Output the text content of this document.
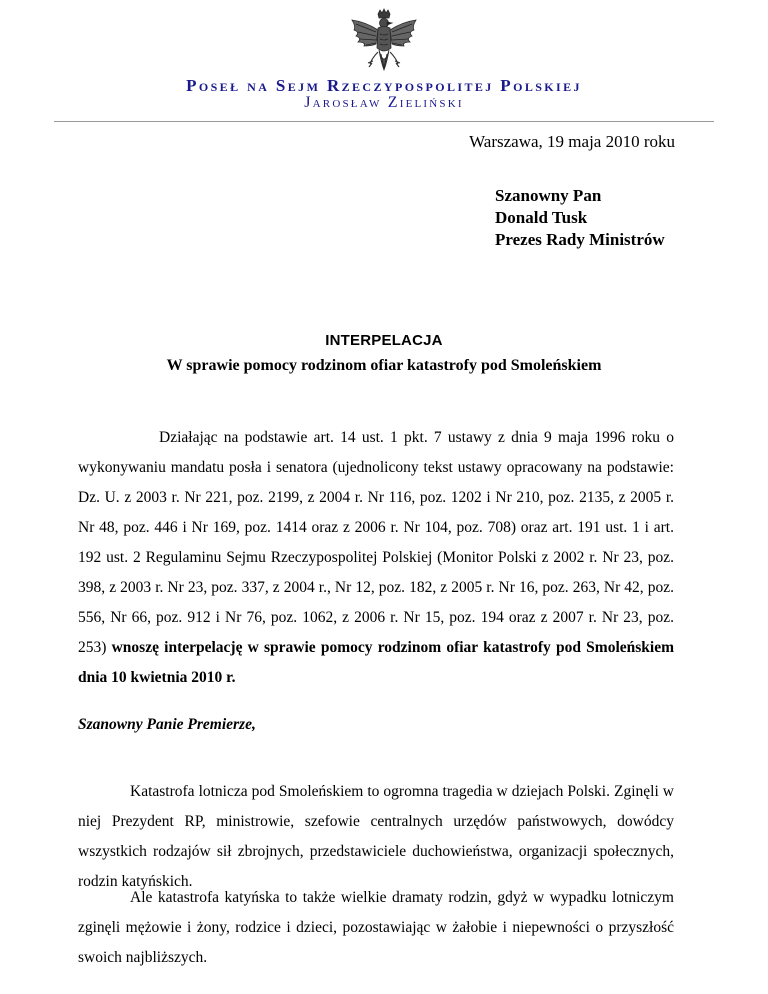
Poseł na Sejm Rzeczypospolitej Polskiej
Jarosław Zieliński
Warszawa, 19 maja 2010 roku
Szanowny Pan
Donald Tusk
Prezes Rady Ministrów
INTERPELACJA
W sprawie pomocy rodzinom ofiar katastrofy pod Smoleńskiem

Działając na podstawie art. 14 ust. 1 pkt. 7 ustawy z dnia 9 maja 1996 roku o wykonywaniu mandatu posła i senatora (ujednolicony tekst ustawy opracowany na podstawie: Dz. U. z 2003 r. Nr 221, poz. 2199, z 2004 r. Nr 116, poz. 1202 i Nr 210, poz. 2135, z 2005 r. Nr 48, poz. 446 i Nr 169, poz. 1414 oraz z 2006 r. Nr 104, poz. 708) oraz art. 191 ust. 1 i art. 192 ust. 2 Regulaminu Sejmu Rzeczypospolitej Polskiej (Monitor Polski z 2002 r. Nr 23, poz. 398, z 2003 r. Nr 23, poz. 337, z 2004 r., Nr 12, poz. 182, z 2005 r. Nr 16, poz. 263, Nr 42, poz. 556, Nr 66, poz. 912 i Nr 76, poz. 1062, z 2006 r. Nr 15, poz. 194 oraz z 2007 r. Nr 23, poz. 253) wnoszę interpelację w sprawie pomocy rodzinom ofiar katastrofy pod Smoleńskiem dnia 10 kwietnia 2010 r.

Szanowny Panie Premierze,

Katastrofa lotnicza pod Smoleńskiem to ogromna tragedia w dziejach Polski. Zginęli w niej Prezydent RP, ministrowie, szefowie centralnych urzędów państwowych, dowódcy wszystkich rodzajów sił zbrojnych, przedstawiciele duchowieństwa, organizacji społecznych, rodzin katyńskich.

Ale katastrofa katyńska to także wielkie dramaty rodzin, gdyż w wypadku lotniczym zginęli mężowie i żony, rodzice i dzieci, pozostawiając w żałobie i niepewności o przyszłość swoich najbliższych.
